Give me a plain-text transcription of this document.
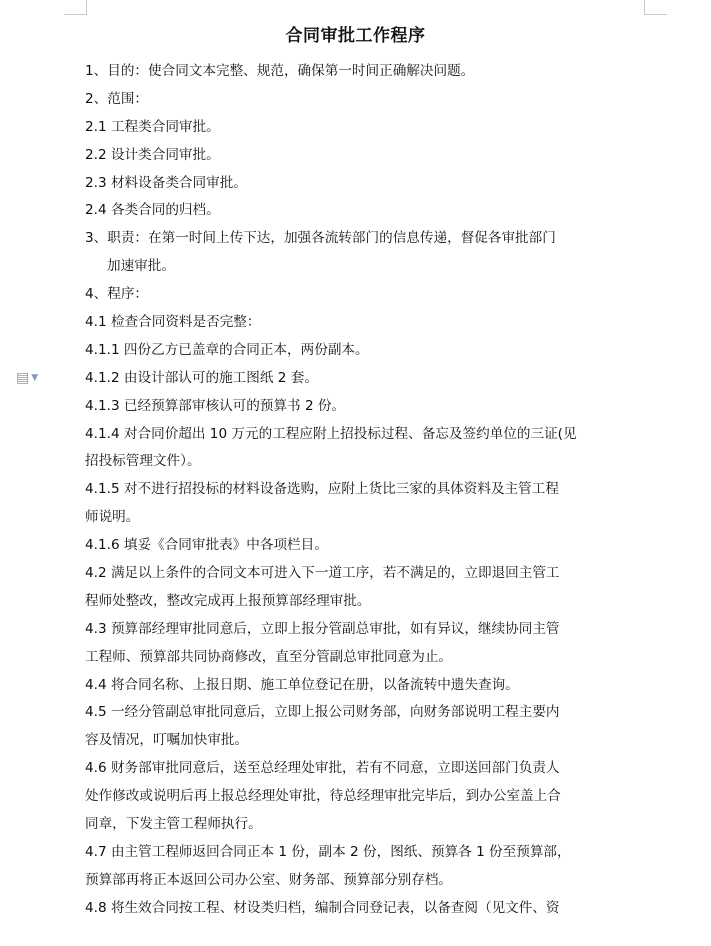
▤ ▼
合同审批工作程序
1、目的：使合同文本完整、规范，确保第一时间正确解决问题。
2、范围：
2.1 工程类合同审批。
2.2 设计类合同审批。
2.3 材料设备类合同审批。
2.4 各类合同的归档。
3、职责：在第一时间上传下达，加强各流转部门的信息传递，督促各审批部门
加速审批。
4、程序：
4.1 检查合同资料是否完整：
4.1.1 四份乙方已盖章的合同正本，两份副本。
4.1.2 由设计部认可的施工图纸 2 套。
4.1.3 已经预算部审核认可的预算书 2 份。
4.1.4 对合同价超出 10 万元的工程应附上招投标过程、备忘及签约单位的三证(见
招投标管理文件）。
4.1.5 对不进行招投标的材料设备选购，应附上货比三家的具体资料及主管工程
师说明。
4.1.6 填妥《合同审批表》中各项栏目。
4.2 满足以上条件的合同文本可进入下一道工序，若不满足的，立即退回主管工
程师处整改，整改完成再上报预算部经理审批。
4.3 预算部经理审批同意后，立即上报分管副总审批，如有异议，继续协同主管
工程师、预算部共同协商修改，直至分管副总审批同意为止。
4.4 将合同名称、上报日期、施工单位登记在册，以备流转中遗失查询。
4.5 一经分管副总审批同意后，立即上报公司财务部，向财务部说明工程主要内
容及情况，叮嘱加快审批。
4.6 财务部审批同意后，送至总经理处审批，若有不同意，立即送回部门负责人
处作修改或说明后再上报总经理处审批，待总经理审批完毕后，到办公室盖上合
同章，下发主管工程师执行。
4.7 由主管工程师返回合同正本 1 份，副本 2 份，图纸、预算各 1 份至预算部，
预算部再将正本返回公司办公室、财务部、预算部分别存档。
4.8 将生效合同按工程、材设类归档，编制合同登记表，以备查阅（见文件、资
